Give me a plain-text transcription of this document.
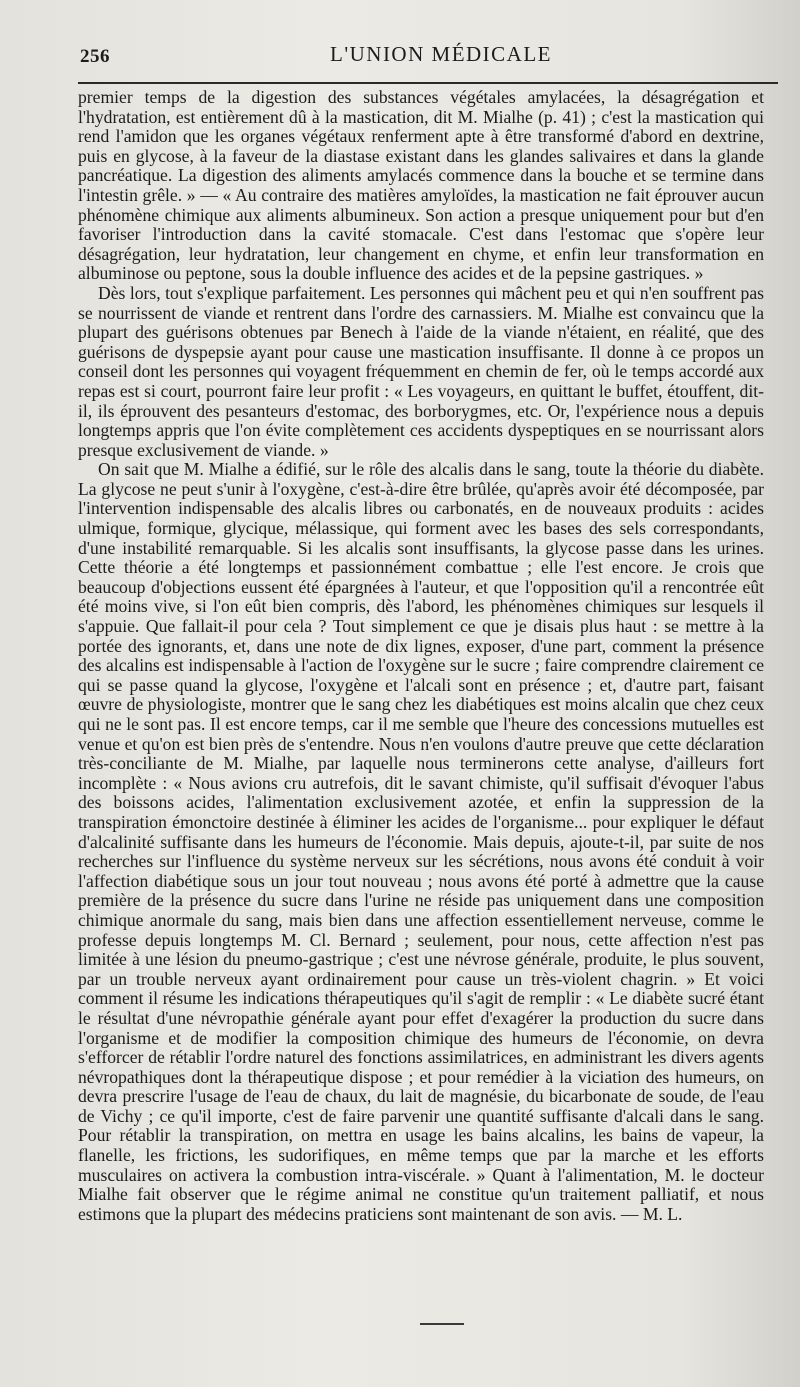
256	L'UNION MÉDICALE

premier temps de la digestion des substances végétales amylacées, la désagrégation et l'hydratation, est entièrement dû à la mastication, dit M. Mialhe (p. 41) ; c'est la mastication qui rend l'amidon que les organes végétaux renferment apte à être transformé d'abord en dextrine, puis en glycose, à la faveur de la diastase existant dans les glandes salivaires et dans la glande pancréatique. La digestion des aliments amylacés commence dans la bouche et se termine dans l'intestin grêle. » — « Au contraire des matières amyloïdes, la mastication ne fait éprouver aucun phénomène chimique aux aliments albumineux. Son action a presque uniquement pour but d'en favoriser l'introduction dans la cavité stomacale. C'est dans l'estomac que s'opère leur désagrégation, leur hydratation, leur changement en chyme, et enfin leur transformation en albuminose ou peptone, sous la double influence des acides et de la pepsine gastriques. »

Dès lors, tout s'explique parfaitement. Les personnes qui mâchent peu et qui n'en souffrent pas se nourrissent de viande et rentrent dans l'ordre des carnassiers. M. Mialhe est convaincu que la plupart des guérisons obtenues par Benech à l'aide de la viande n'étaient, en réalité, que des guérisons de dyspepsie ayant pour cause une mastication insuffisante. Il donne à ce propos un conseil dont les personnes qui voyagent fréquemment en chemin de fer, où le temps accordé aux repas est si court, pourront faire leur profit : « Les voyageurs, en quittant le buffet, étouffent, dit-il, ils éprouvent des pesanteurs d'estomac, des borborygmes, etc. Or, l'expérience nous a depuis longtemps appris que l'on évite complètement ces accidents dyspeptiques en se nourrissant alors presque exclusivement de viande. »

On sait que M. Mialhe a édifié, sur le rôle des alcalis dans le sang, toute la théorie du diabète. La glycose ne peut s'unir à l'oxygène, c'est-à-dire être brûlée, qu'après avoir été décomposée, par l'intervention indispensable des alcalis libres ou carbonatés, en de nouveaux produits : acides ulmique, formique, glycique, mélassique, qui forment avec les bases des sels correspondants, d'une instabilité remarquable. Si les alcalis sont insuffisants, la glycose passe dans les urines. Cette théorie a été longtemps et passionnément combattue ; elle l'est encore. Je crois que beaucoup d'objections eussent été épargnées à l'auteur, et que l'opposition qu'il a rencontrée eût été moins vive, si l'on eût bien compris, dès l'abord, les phénomènes chimiques sur lesquels il s'appuie. Que fallait-il pour cela ? Tout simplement ce que je disais plus haut : se mettre à la portée des ignorants, et, dans une note de dix lignes, exposer, d'une part, comment la présence des alcalins est indispensable à l'action de l'oxygène sur le sucre ; faire comprendre clairement ce qui se passe quand la glycose, l'oxygène et l'alcali sont en présence ; et, d'autre part, faisant œuvre de physiologiste, montrer que le sang chez les diabétiques est moins alcalin que chez ceux qui ne le sont pas. Il est encore temps, car il me semble que l'heure des concessions mutuelles est venue et qu'on est bien près de s'entendre. Nous n'en voulons d'autre preuve que cette déclaration très-conciliante de M. Mialhe, par laquelle nous terminerons cette analyse, d'ailleurs fort incomplète : « Nous avions cru autrefois, dit le savant chimiste, qu'il suffisait d'évoquer l'abus des boissons acides, l'alimentation exclusivement azotée, et enfin la suppression de la transpiration émonctoire destinée à éliminer les acides de l'organisme... pour expliquer le défaut d'alcalinité suffisante dans les humeurs de l'économie. Mais depuis, ajoute-t-il, par suite de nos recherches sur l'influence du système nerveux sur les sécrétions, nous avons été conduit à voir l'affection diabétique sous un jour tout nouveau ; nous avons été porté à admettre que la cause première de la présence du sucre dans l'urine ne réside pas uniquement dans une composition chimique anormale du sang, mais bien dans une affection essentiellement nerveuse, comme le professe depuis longtemps M. Cl. Bernard ; seulement, pour nous, cette affection n'est pas limitée à une lésion du pneumo-gastrique ; c'est une névrose générale, produite, le plus souvent, par un trouble nerveux ayant ordinairement pour cause un très-violent chagrin. » Et voici comment il résume les indications thérapeutiques qu'il s'agit de remplir : « Le diabète sucré étant le résultat d'une névropathie générale ayant pour effet d'exagérer la production du sucre dans l'organisme et de modifier la composition chimique des humeurs de l'économie, on devra s'efforcer de rétablir l'ordre naturel des fonctions assimilatrices, en administrant les divers agents névropathiques dont la thérapeutique dispose ; et pour remédier à la viciation des humeurs, on devra prescrire l'usage de l'eau de chaux, du lait de magnésie, du bicarbonate de soude, de l'eau de Vichy ; ce qu'il importe, c'est de faire parvenir une quantité suffisante d'alcali dans le sang. Pour rétablir la transpiration, on mettra en usage les bains alcalins, les bains de vapeur, la flanelle, les frictions, les sudorifiques, en même temps que par la marche et les efforts musculaires on activera la combustion intra-viscérale. » Quant à l'alimentation, M. le docteur Mialhe fait observer que le régime animal ne constitue qu'un traitement palliatif, et nous estimons que la plupart des médecins praticiens sont maintenant de son avis. — M. L.
